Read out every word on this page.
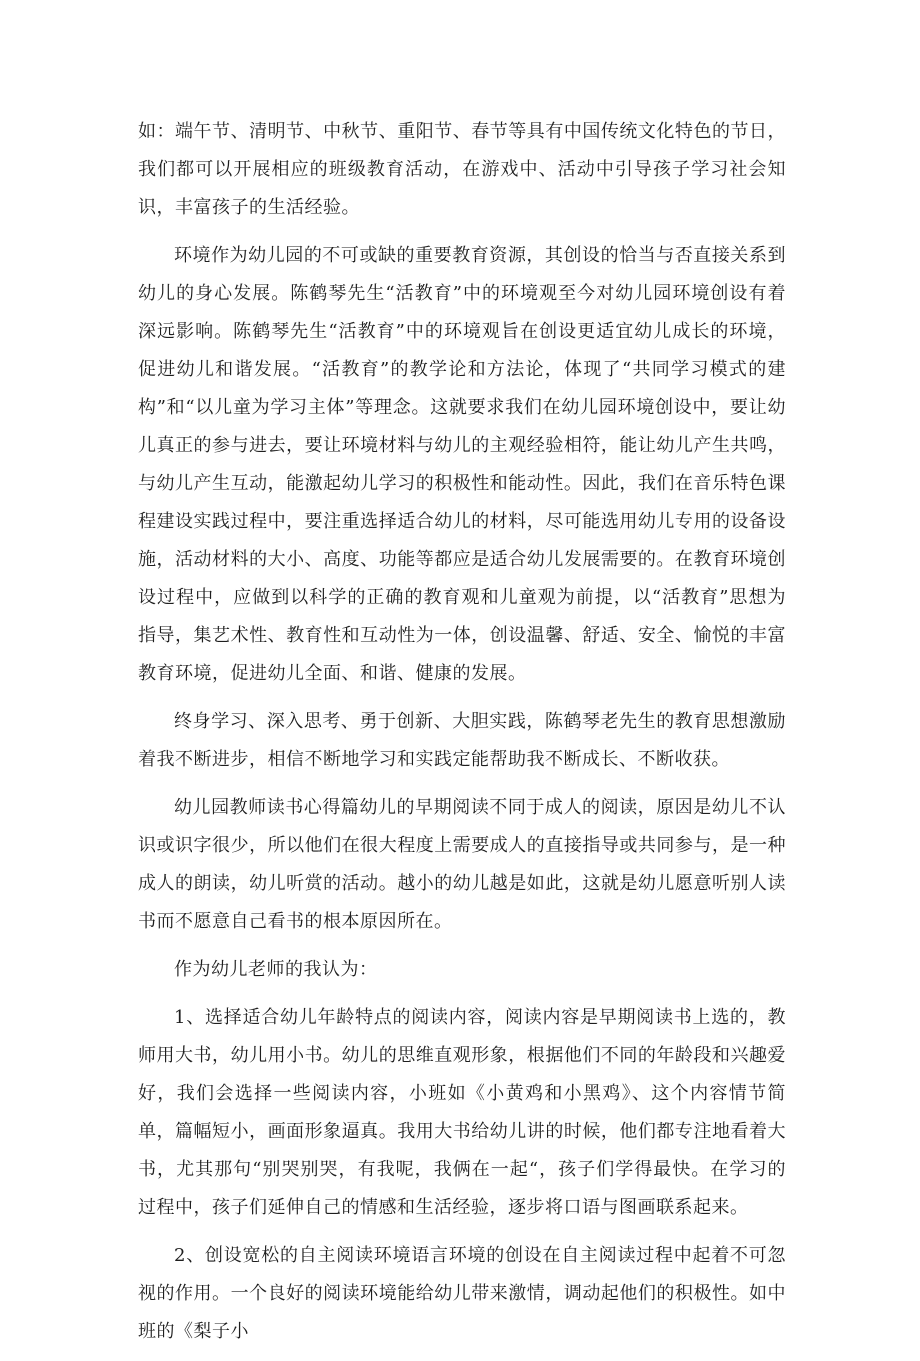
如：端午节、清明节、中秋节、重阳节、春节等具有中国传统文化特色的节日，我们都可以开展相应的班级教育活动，在游戏中、活动中引导孩子学习社会知识，丰富孩子的生活经验。

环境作为幼儿园的不可或缺的重要教育资源，其创设的恰当与否直接关系到幼儿的身心发展。陈鹤琴先生“活教育”中的环境观至今对幼儿园环境创设有着深远影响。陈鹤琴先生“活教育”中的环境观旨在创设更适宜幼儿成长的环境，促进幼儿和谐发展。“活教育”的教学论和方法论，体现了“共同学习模式的建构”和“以儿童为学习主体”等理念。这就要求我们在幼儿园环境创设中，要让幼儿真正的参与进去，要让环境材料与幼儿的主观经验相符，能让幼儿产生共鸣，与幼儿产生互动，能激起幼儿学习的积极性和能动性。因此，我们在音乐特色课程建设实践过程中，要注重选择适合幼儿的材料，尽可能选用幼儿专用的设备设施，活动材料的大小、高度、功能等都应是适合幼儿发展需要的。在教育环境创设过程中，应做到以科学的正确的教育观和儿童观为前提，以“活教育”思想为指导，集艺术性、教育性和互动性为一体，创设温馨、舒适、安全、愉悦的丰富教育环境，促进幼儿全面、和谐、健康的发展。

终身学习、深入思考、勇于创新、大胆实践，陈鹤琴老先生的教育思想激励着我不断进步，相信不断地学习和实践定能帮助我不断成长、不断收获。

幼儿园教师读书心得篇幼儿的早期阅读不同于成人的阅读，原因是幼儿不认识或识字很少，所以他们在很大程度上需要成人的直接指导或共同参与，是一种成人的朗读，幼儿听赏的活动。越小的幼儿越是如此，这就是幼儿愿意听别人读书而不愿意自己看书的根本原因所在。

作为幼儿老师的我认为：

1、选择适合幼儿年龄特点的阅读内容，阅读内容是早期阅读书上选的，教师用大书，幼儿用小书。幼儿的思维直观形象，根据他们不同的年龄段和兴趣爱好，我们会选择一些阅读内容，小班如《小黄鸡和小黑鸡》、这个内容情节简单，篇幅短小，画面形象逼真。我用大书给幼儿讲的时候，他们都专注地看着大书，尤其那句“别哭别哭，有我呢，我俩在一起“，孩子们学得最快。在学习的过程中，孩子们延伸自己的情感和生活经验，逐步将口语与图画联系起来。

2、创设宽松的自主阅读环境语言环境的创设在自主阅读过程中起着不可忽视的作用。一个良好的阅读环境能给幼儿带来激情，调动起他们的积极性。如中班的《梨子小
